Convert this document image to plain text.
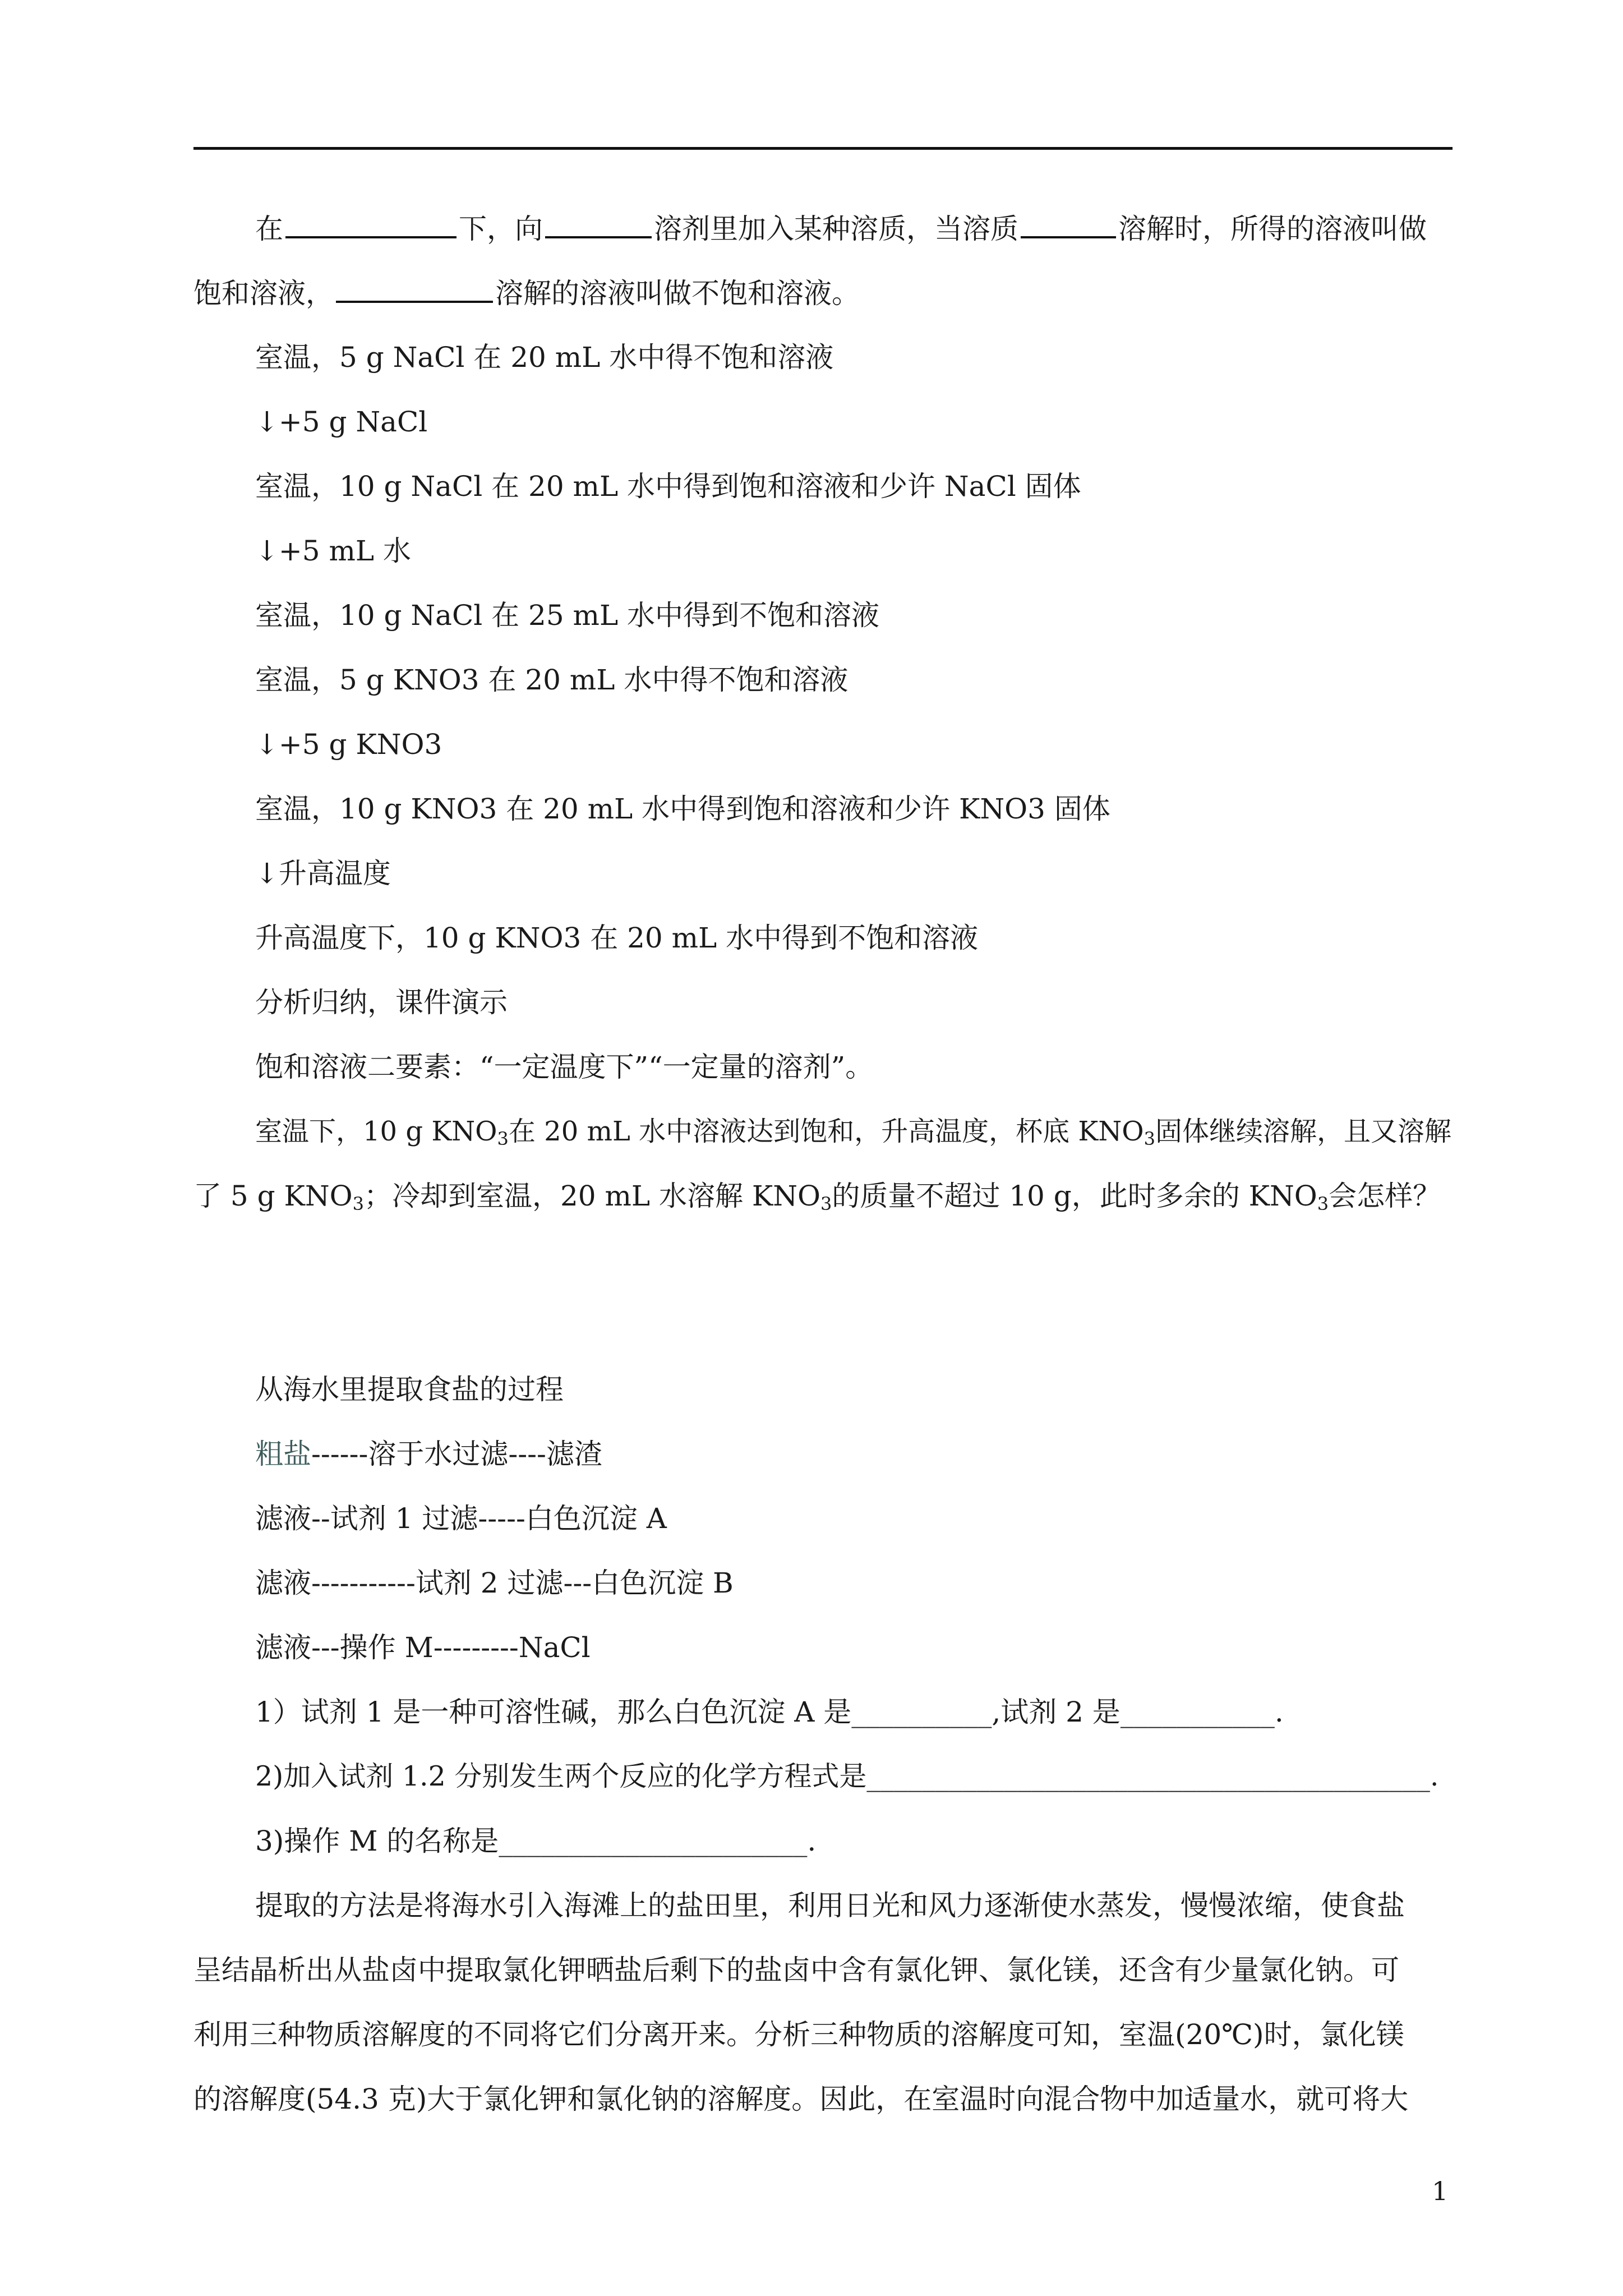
在	下，向	溶剂里加入某种溶质，当溶质	溶解时，所得的溶液叫做
饱和溶液，	溶解的溶液叫做不饱和溶液。
室温，5 g NaCl 在 20 mL 水中得不饱和溶液
↓+5 g NaCl
室温，10 g NaCl 在 20 mL 水中得到饱和溶液和少许 NaCl 固体
↓+5 mL 水
室温，10 g NaCl 在 25 mL 水中得到不饱和溶液
室温，5 g KNO3 在 20 mL 水中得不饱和溶液
↓+5 g KNO3
室温，10 g KNO3 在 20 mL 水中得到饱和溶液和少许 KNO3 固体
↓升高温度
升高温度下，10 g KNO3 在 20 mL 水中得到不饱和溶液
分析归纳，课件演示
饱和溶液二要素：“一定温度下”“一定量的溶剂”。
室温下，10 g $KNO_3$在 20 mL 水中溶液达到饱和，升高温度，杯底 $KNO_3$固体继续溶解，且又溶解
了 5 g $KNO_3$；冷却到室温，20 mL 水溶解 $KNO_3$的质量不超过 10 g，此时多余的 $KNO_3$会怎样？
从海水里提取食盐的过程
粗盐------溶于水过滤----滤渣
滤液--试剂 1 过滤-----白色沉淀 A
滤液-----------试剂 2 过滤---白色沉淀 B
滤液---操作 M---------NaCl
1）试剂 1 是一种可溶性碱，那么白色沉淀 A 是__________,试剂 2 是___________.
2)加入试剂 1.2 分别发生两个反应的化学方程式是_________________________________________.
3)操作 M 的名称是______________________.
提取的方法是将海水引入海滩上的盐田里，利用日光和风力逐渐使水蒸发，慢慢浓缩，使食盐
呈结晶析出从盐卤中提取氯化钾晒盐后剩下的盐卤中含有氯化钾、氯化镁，还含有少量氯化钠。可
利用三种物质溶解度的不同将它们分离开来。分析三种物质的溶解度可知，室温(20℃)时，氯化镁
的溶解度(54.3 克)大于氯化钾和氯化钠的溶解度。因此，在室温时向混合物中加适量水，就可将大
1
